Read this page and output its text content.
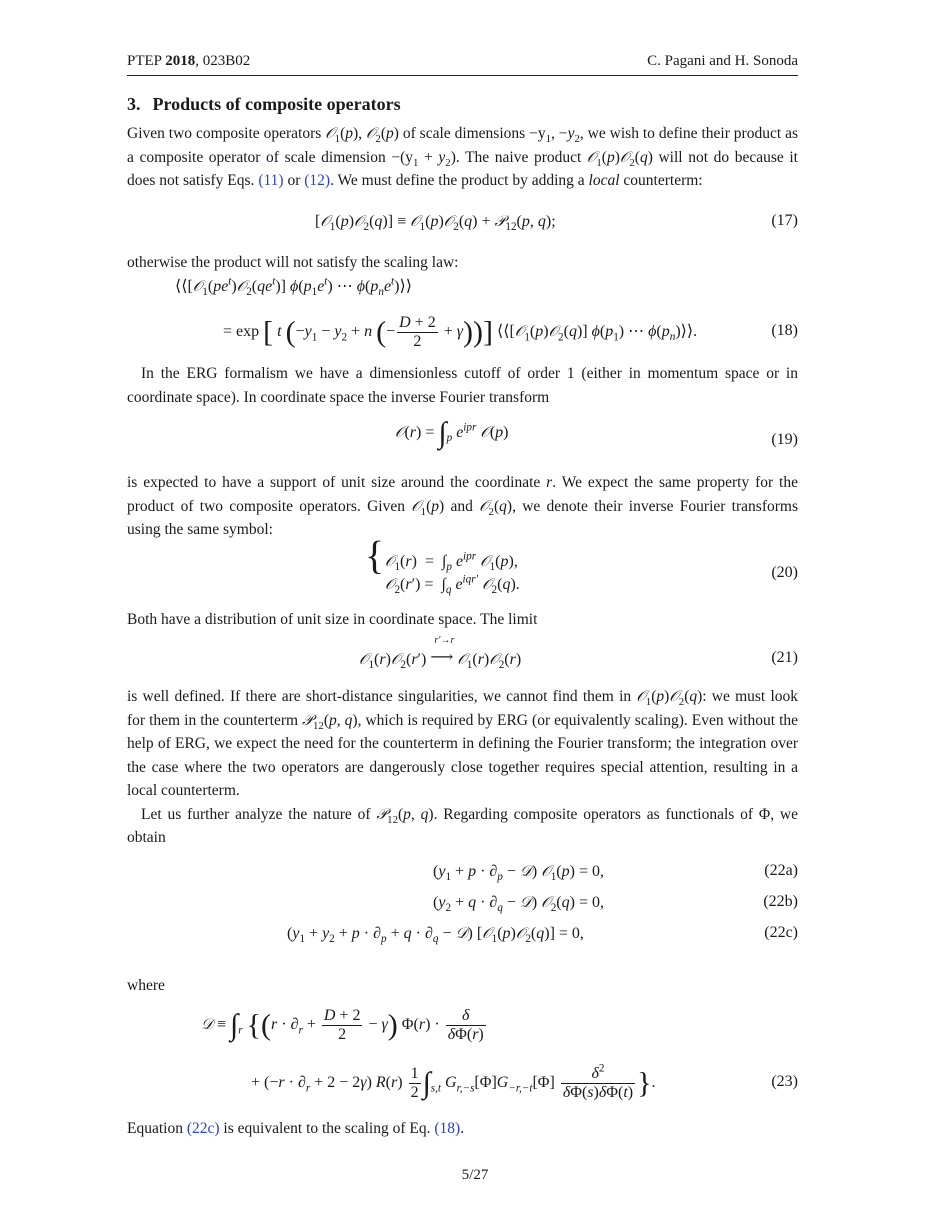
PTEP 2018, 023B02	C. Pagani and H. Sonoda
3. Products of composite operators

Given two composite operators 𝒪$_1$(p), 𝒪$_2$(p) of scale dimensions $-y_1$, $-y_2$, we wish to define their product as a composite operator of scale dimension $-(y_1 + y_2)$. The naive product 𝒪$_1$(p)𝒪$_2$(q) will not do because it does not satisfy Eqs. (11) or (12). We must define the product by adding a local counterterm:

[𝒪$_1$(p)𝒪$_2$(q)] ≡ 𝒪$_1$(p)𝒪$_2$(q) + 𝒫$_{12}$(p, q);	(17)

otherwise the product will not satisfy the scaling law:

$⟨⟨[𝒪_1(pe^t)𝒪_2(qe^t)]$ $\phi(p_1e^t)$ ⋯ $\phi(p_ne^t)⟩⟩$
= exp [ t ($-y_1 - y_2 + n$ (− $\frac{D + 2}{2} + \gamma$))] ⟨⟨[𝒪$_1$(p)𝒪$_2$(q)] $\phi(p_1)$ ⋯ $\phi(p_n)⟩⟩$.	(18)

In the ERG formalism we have a dimensionless cutoff of order 1 (either in momentum space or in coordinate space). In coordinate space the inverse Fourier transform

𝒪(r) = $\int_p$ $e^{ipr}$ 𝒪(p)	(19)

is expected to have a support of unit size around the coordinate r. We expect the same property for the product of two composite operators. Given 𝒪$_1$(p) and 𝒪$_2$(q), we denote their inverse Fourier transforms using the same symbol:

{ 𝒪$_1$(r)  =  $\int_p$ $e^{ipr}$ 𝒪$_1$(p),
𝒪$_2$(r′) =  $\int_q$ $e^{iqr'}$ 𝒪$_2$(q).
(20)

Both have a distribution of unit size in coordinate space. The limit

𝒪$_1$(r)𝒪$_2$(r′)
r′→r
⟶ 𝒪$_1$(r)𝒪$_2$(r)	(21)

is well defined. If there are short-distance singularities, we cannot find them in 𝒪$_1$(p)𝒪$_2$(q): we must look for them in the counterterm 𝒫$_{12}$(p, q), which is required by ERG (or equivalently scaling). Even without the help of ERG, we expect the need for the counterterm in defining the Fourier transform; the integration over the case where the two operators are dangerously close together requires special attention, resulting in a local counterterm.

Let us further analyze the nature of 𝒫$_{12}$(p, q). Regarding composite operators as functionals of Φ, we obtain

($y_1 + p \cdot \partial_p$ − 𝒟) 𝒪$_1$(p) = 0,	(22a)
($y_2 + q \cdot \partial_q$ − 𝒟) 𝒪$_2$(q) = 0,	(22b)
($y_1 + y_2 + p \cdot \partial_p + q \cdot \partial_q$ − 𝒟) [𝒪$_1$(p)𝒪$_2$(q)] = 0,	(22c)

where

𝒟 ≡ $\int_r$ {$(r \cdot \partial_r + \frac{D + 2}{2} - \gamma)$ $\Phi(r) \cdot \frac{\delta}{\delta\Phi(r)}$
+ $(-r \cdot \partial_r + 2 - 2\gamma)$ $R(r) \frac{1}{2} \int_{s,t}$ $G_{r,-s}[\Phi]G_{-r,-t}[\Phi] \frac{\delta^2}{\delta\Phi(s)\delta\Phi(t)}$ }.	(23)

Equation (22c) is equivalent to the scaling of Eq. (18).

5/27
